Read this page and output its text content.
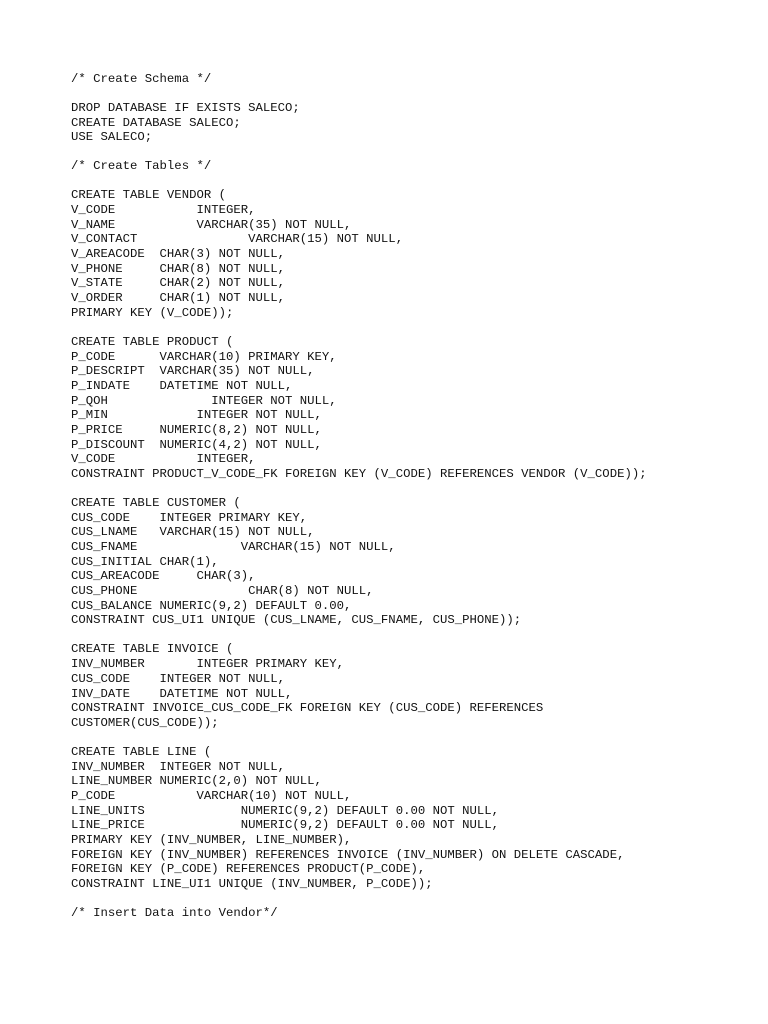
/* Create Schema */
DROP DATABASE IF EXISTS SALECO;
CREATE DATABASE SALECO;
USE SALECO;
/* Create Tables */
CREATE TABLE VENDOR (
V_CODE           INTEGER,
V_NAME           VARCHAR(35) NOT NULL,
V_CONTACT               VARCHAR(15) NOT NULL,
V_AREACODE  CHAR(3) NOT NULL,
V_PHONE     CHAR(8) NOT NULL,
V_STATE     CHAR(2) NOT NULL,
V_ORDER     CHAR(1) NOT NULL,
PRIMARY KEY (V_CODE));
CREATE TABLE PRODUCT (
P_CODE      VARCHAR(10) PRIMARY KEY,
P_DESCRIPT  VARCHAR(35) NOT NULL,
P_INDATE    DATETIME NOT NULL,
P_QOH              INTEGER NOT NULL,
P_MIN            INTEGER NOT NULL,
P_PRICE     NUMERIC(8,2) NOT NULL,
P_DISCOUNT  NUMERIC(4,2) NOT NULL,
V_CODE           INTEGER,
CONSTRAINT PRODUCT_V_CODE_FK FOREIGN KEY (V_CODE) REFERENCES VENDOR (V_CODE));
CREATE TABLE CUSTOMER (
CUS_CODE    INTEGER PRIMARY KEY,
CUS_LNAME   VARCHAR(15) NOT NULL,
CUS_FNAME              VARCHAR(15) NOT NULL,
CUS_INITIAL CHAR(1),
CUS_AREACODE     CHAR(3),
CUS_PHONE               CHAR(8) NOT NULL,
CUS_BALANCE NUMERIC(9,2) DEFAULT 0.00,
CONSTRAINT CUS_UI1 UNIQUE (CUS_LNAME, CUS_FNAME, CUS_PHONE));
CREATE TABLE INVOICE (
INV_NUMBER       INTEGER PRIMARY KEY,
CUS_CODE    INTEGER NOT NULL,
INV_DATE    DATETIME NOT NULL,
CONSTRAINT INVOICE_CUS_CODE_FK FOREIGN KEY (CUS_CODE) REFERENCES
CUSTOMER(CUS_CODE));
CREATE TABLE LINE (
INV_NUMBER  INTEGER NOT NULL,
LINE_NUMBER NUMERIC(2,0) NOT NULL,
P_CODE           VARCHAR(10) NOT NULL,
LINE_UNITS             NUMERIC(9,2) DEFAULT 0.00 NOT NULL,
LINE_PRICE             NUMERIC(9,2) DEFAULT 0.00 NOT NULL,
PRIMARY KEY (INV_NUMBER, LINE_NUMBER),
FOREIGN KEY (INV_NUMBER) REFERENCES INVOICE (INV_NUMBER) ON DELETE CASCADE,
FOREIGN KEY (P_CODE) REFERENCES PRODUCT(P_CODE),
CONSTRAINT LINE_UI1 UNIQUE (INV_NUMBER, P_CODE));
/* Insert Data into Vendor*/
